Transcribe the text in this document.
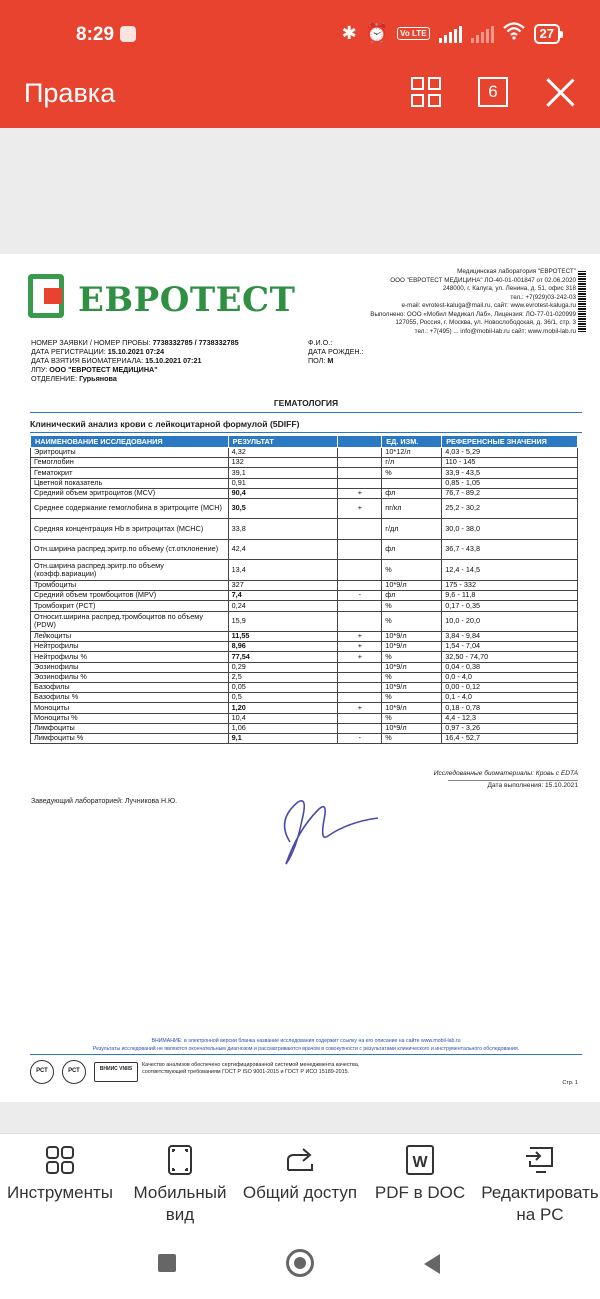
8:29	✱ ⏰	Vo LTE	27
Правка	6
ЕВРОТЕСТ
Медицинская лаборатория "ЕВРОТЕСТ"
ООО "ЕВРОТЕСТ МЕДИЦИНА" ЛО-40-01-001847 от 02.06.2020
248000, г. Калуга, ул. Ленина, д. 51, офис 318
тел.: +7(929)03-242-03
e-mail: evrotest-kaluga@mail.ru, сайт: www.evrotest-kaluga.ru
Выполнено: ООО «Мобил Медикал Лаб», Лицензия: ЛО-77-01-020999
127055, Россия, г. Москва, ул. Новослободская, д. 36/1, стр. 3
тел.: +7(495) ... info@mobil-lab.ru сайт: www.mobil-lab.ru
НОМЕР ЗАЯВКИ / НОМЕР ПРОБЫ: 7738332785 / 7738332785
ДАТА РЕГИСТРАЦИИ: 15.10.2021 07:24
ДАТА ВЗЯТИЯ БИОМАТЕРИАЛА: 15.10.2021 07:21
ЛПУ: ООО "ЕВРОТЕСТ МЕДИЦИНА"
ОТДЕЛЕНИЕ: Гурьянова
Ф.И.О.:
ДАТА РОЖДЕН.:
ПОЛ: М
ГЕМАТОЛОГИЯ
Клинический анализ крови с лейкоцитарной формулой (5DIFF)
НАИМЕНОВАНИЕ ИССЛЕДОВАНИЯ	РЕЗУЛЬТАТ		ЕД. ИЗМ.	РЕФЕРЕНСНЫЕ ЗНАЧЕНИЯ
Эритроциты	4,32		10*12/л	4,03 - 5,29
Гемоглобин	132		г/л	110 - 145
Гематокрит	39,1		%	33,9 - 43,5
Цветной показатель	0,91			0,85 - 1,05
Средний объем эритроцитов (MCV)	90,4	+	фл	76,7 - 89,2
Среднее содержание гемоглобина в эритроците (MCH)	30,5	+	пг/кл	25,2 - 30,2
Средняя концентрация Hb в эритроцитах (MCHC)	33,8		г/дл	30,0 - 38,0
Отн.ширина распред.эритр.по объему (ст.отклонение)	42,4		фл	36,7 - 43,8
Отн.ширина распред.эритр.по объему (коэфф.вариации)	13,4		%	12,4 - 14,5
Тромбоциты	327		10*9/л	175 - 332
Средний объем тромбоцитов (MPV)	7,4	-	фл	9,6 - 11,8
Тромбокрит (PCT)	0,24		%	0,17 - 0,35
Относит.ширина распред.тромбоцитов по объему (PDW)	15,9		%	10,0 - 20,0
Лейкоциты	11,55	+	10*9/л	3,84 - 9,84
Нейтрофилы	8,96	+	10*9/л	1,54 - 7,04
Нейтрофилы %	77,54	+	%	32,50 - 74,70
Эозинофилы	0,29		10*9/л	0,04 - 0,38
Эозинофилы %	2,5		%	0,0 - 4,0
Базофилы	0,05		10*9/л	0,00 - 0,12
Базофилы %	0,5		%	0,1 - 4,0
Моноциты	1,20	+	10*9/л	0,18 - 0,78
Моноциты %	10,4		%	4,4 - 12,3
Лимфоциты	1,06		10*9/л	0,97 - 3,26
Лимфоциты %	9,1	-	%	16,4 - 52,7
Исследованные биоматериалы: Кровь с EDTA
Дата выполнения: 15.10.2021
Заведующий лабораторией: Лучникова Н.Ю.
ВНИМАНИЕ: в электронной версии бланка название исследования содержит ссылку на его описание на сайте www.mobil-lab.ru
Результаты исследований не являются окончательным диагнозом и рассматриваются врачом в совокупности с результатами клинического и инструментального обследования.
РСТ	РСТ	ВНИИС VNIIS
Качество анализов обеспечено сертифицированной системой менеджмента качества, соответствующей требованиям ГОСТ Р ISO 9001-2015 и ГОСТ Р ИСО 15189-2015.
Стр. 1
Инструменты	Мобильный вид
Общий доступ
W
PDF в DOC Редактировать на PC
